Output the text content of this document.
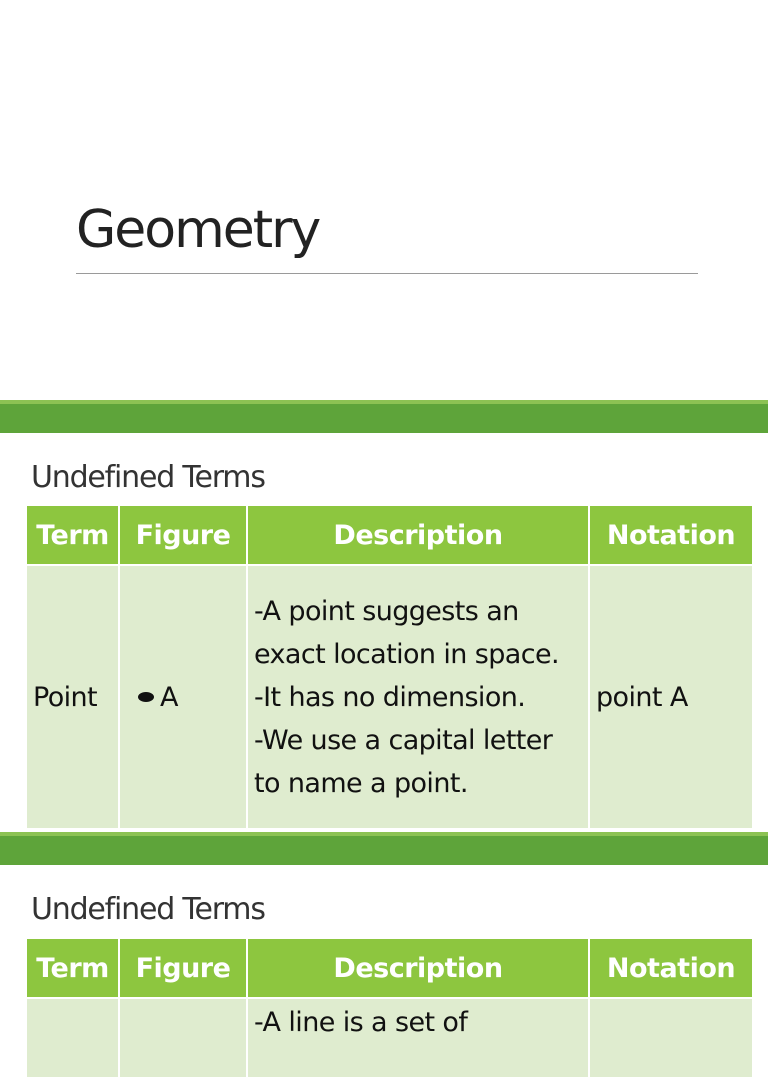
Geometry
Undefined Terms
Term	Figure	Description	Notation
Point	A	-A point suggests an exact location in space.
-It has no dimension.
-We use a capital letter to name a point.	point A
Undefined Terms
Term	Figure	Description	Notation

		-A line is a set of	
